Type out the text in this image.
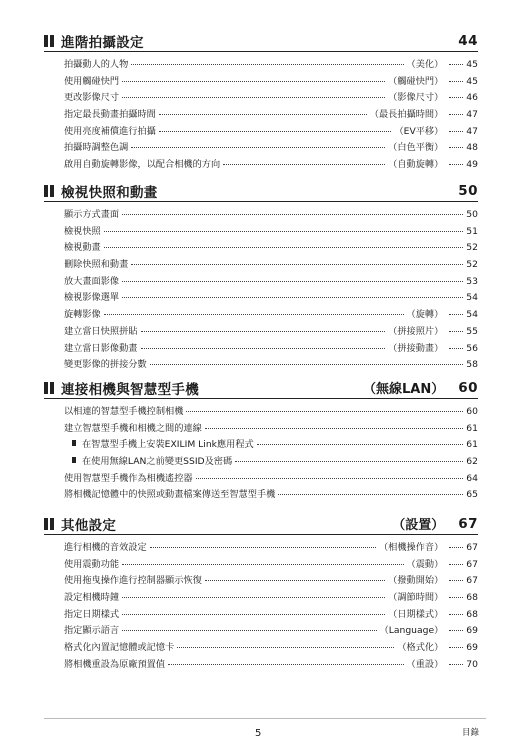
進階拍攝設定	44
拍攝動人的人物	（美化）	45
使用觸碰快門	（觸碰快門）	45
更改影像尺寸	（影像尺寸）	46
指定最長動畫拍攝時間	（最長拍攝時間）	47
使用亮度補償進行拍攝	（EV平移）	47
拍攝時調整色調	（白色平衡）	48
啟用自動旋轉影像，以配合相機的方向	（自動旋轉）	49
檢視快照和動畫	50
顯示方式畫面	50
檢視快照	51
檢視動畫	52
刪除快照和動畫	52
放大畫面影像	53
檢視影像選單	54
旋轉影像	（旋轉）	54
建立當日快照拼貼	（拼接照片）	55
建立當日影像動畫	（拼接動畫）	56
變更影像的拼接分數	58
連接相機與智慧型手機	（無線LAN） 60
以相連的智慧型手機控制相機	60
建立智慧型手機和相機之間的連線	61
在智慧型手機上安裝EXILIM Link應用程式	61
在使用無線LAN之前變更SSID及密碼	62
使用智慧型手機作為相機遙控器	64
將相機記憶體中的快照或動畫檔案傳送至智慧型手機	65
其他設定	（設置） 67
進行相機的音效設定	（相機操作音）	67
使用震動功能	（震動）	67
使用拖曳操作進行控制器顯示恢復	（撥動開始）	67
設定相機時鐘	（調節時間）	68
指定日期樣式	（日期樣式）	68
指定顯示語言	（Language）	69
格式化內置記憶體或記憶卡	（格式化）	69
將相機重設為原廠預置值	（重設）	70
5	目錄
